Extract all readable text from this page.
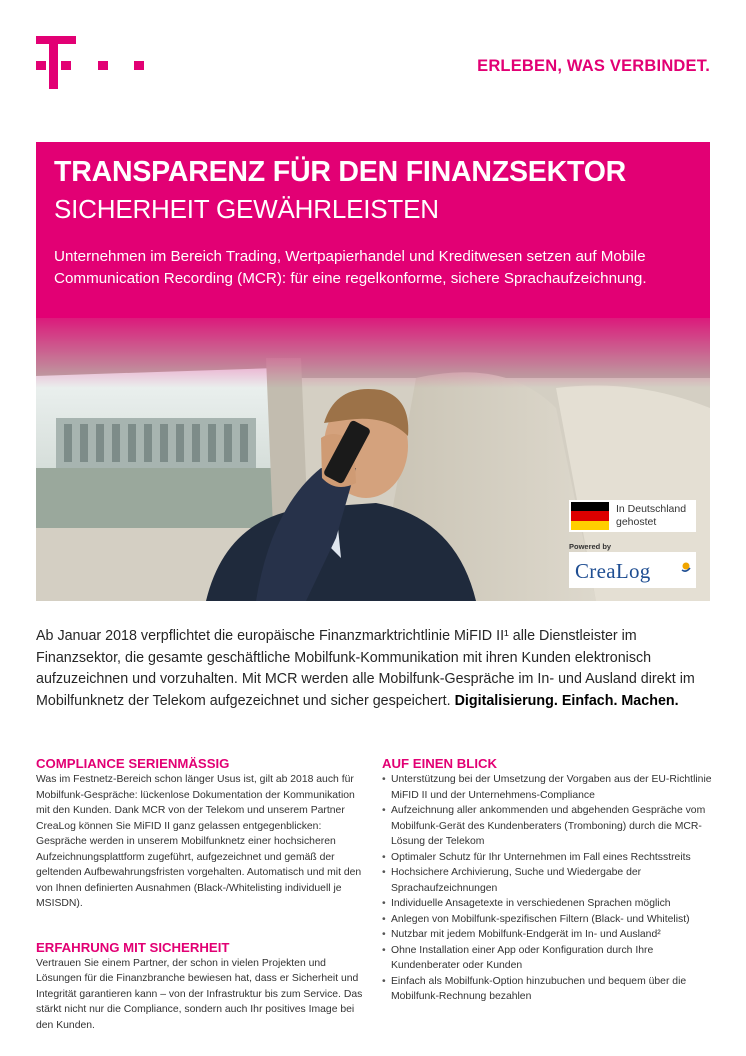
ERLEBEN, WAS VERBINDET.
TRANSPARENZ FÜR DEN FINANZSEKTOR
SICHERHEIT GEWÄHRLEISTEN
Unternehmen im Bereich Trading, Wertpapierhandel und Kreditwesen setzen auf Mobile Communication Recording (MCR): für eine regelkonforme, sichere Sprachaufzeichnung.
In Deutschland gehostet
Powered by
CreaLog
Ab Januar 2018 verpflichtet die europäische Finanzmarktrichtlinie MiFID II¹ alle Dienstleister im Finanzsektor, die gesamte geschäftliche Mobilfunk-Kommunikation mit ihren Kunden elektronisch aufzuzeichnen und vorzuhalten. Mit MCR werden alle Mobilfunk-Gespräche im In- und Ausland direkt im Mobilfunknetz der Telekom aufgezeichnet und sicher gespeichert. Digitalisierung. Einfach. Machen.
COMPLIANCE SERIENMÄSSIG

Was im Festnetz-Bereich schon länger Usus ist, gilt ab 2018 auch für Mobilfunk-Gespräche: lückenlose Dokumentation der Kommunikation mit den Kunden. Dank MCR von der Telekom und unserem Partner CreaLog können Sie MiFID II ganz gelassen entgegenblicken: Gespräche werden in unserem Mobilfunknetz einer hochsicheren Aufzeichnungsplattform zugeführt, aufgezeichnet und gemäß der geltenden Aufbewahrungsfristen vorgehalten. Automatisch und mit den von Ihnen definierten Ausnahmen (Black-/Whitelisting individuell je MSISDN).

ERFAHRUNG MIT SICHERHEIT

Vertrauen Sie einem Partner, der schon in vielen Projekten und Lösungen für die Finanzbranche bewiesen hat, dass er Sicherheit und Integrität garantieren kann – von der Infrastruktur bis zum Service. Das stärkt nicht nur die Compliance, sondern auch Ihr positives Image bei den Kunden.

AUF EINEN BLICK
• Unterstützung bei der Umsetzung der Vorgaben aus der EU-Richtlinie MiFID II und der Unternehmens-Compliance
• Aufzeichnung aller ankommenden und abgehenden Gespräche vom Mobilfunk-Gerät des Kundenberaters (Tromboning) durch die MCR-Lösung der Telekom
• Optimaler Schutz für Ihr Unternehmen im Fall eines Rechtsstreits
• Hochsichere Archivierung, Suche und Wiedergabe der Sprachaufzeichnungen
• Individuelle Ansagetexte in verschiedenen Sprachen möglich
• Anlegen von Mobilfunk-spezifischen Filtern (Black- und Whitelist)
• Nutzbar mit jedem Mobilfunk-Endgerät im In- und Ausland²
• Ohne Installation einer App oder Konfiguration durch Ihre Kundenberater oder Kunden
• Einfach als Mobilfunk-Option hinzubuchen und bequem über die Mobilfunk-Rechnung bezahlen
